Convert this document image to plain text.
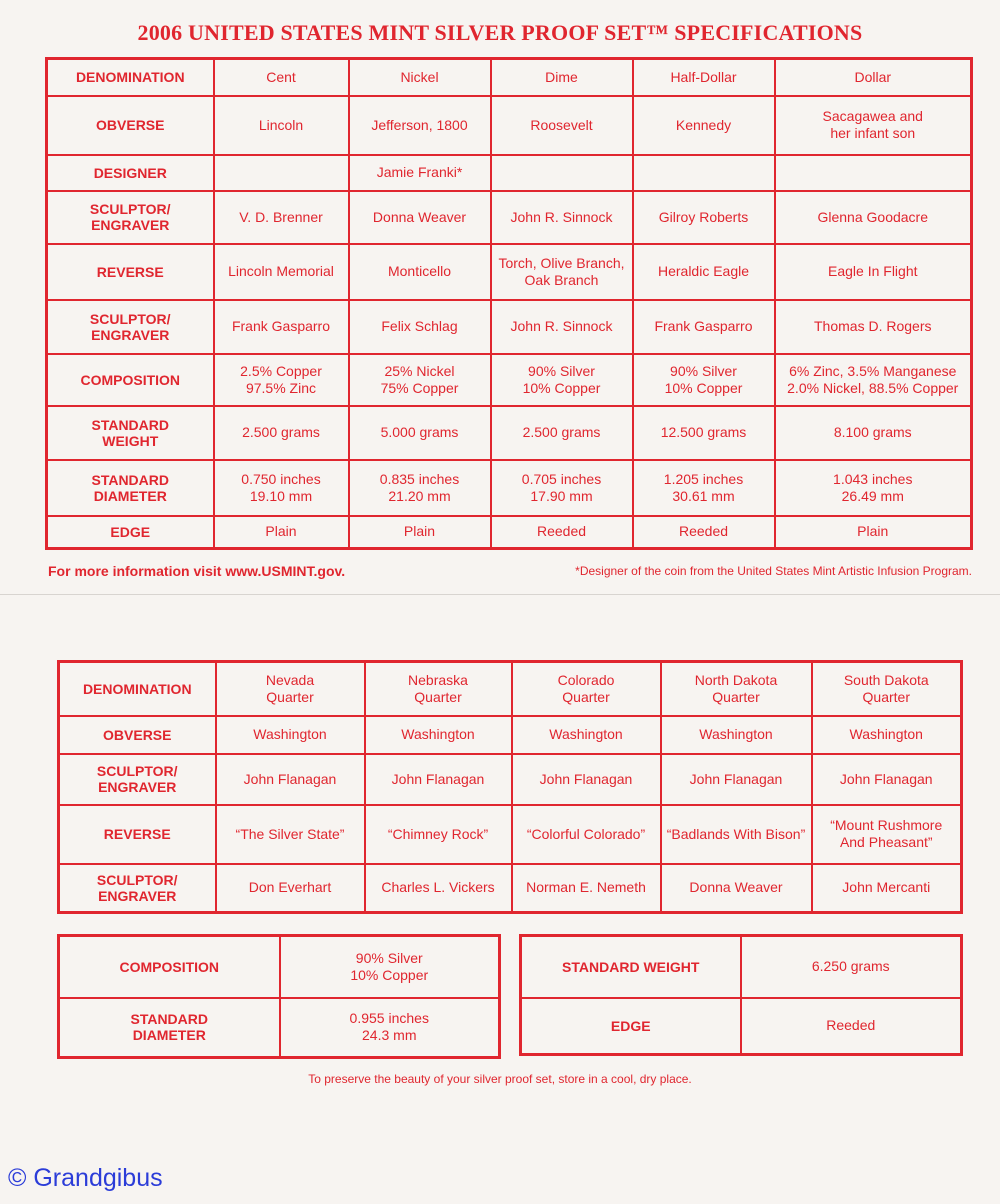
2006 UNITED STATES MINT SILVER PROOF SET™ SPECIFICATIONS
DENOMINATION	Cent	Nickel	Dime	Half-Dollar	Dollar
OBVERSE	Lincoln	Jefferson, 1800	Roosevelt	Kennedy	Sacagawea and
her infant son
DESIGNER		Jamie Franki*			
SCULPTOR/
ENGRAVER	V. D. Brenner	Donna Weaver	John R. Sinnock	Gilroy Roberts	Glenna Goodacre
REVERSE	Lincoln Memorial	Monticello	Torch, Olive Branch,
Oak Branch	Heraldic Eagle	Eagle In Flight
SCULPTOR/
ENGRAVER	Frank Gasparro	Felix Schlag	John R. Sinnock	Frank Gasparro	Thomas D. Rogers
COMPOSITION	2.5% Copper
97.5% Zinc	25% Nickel
75% Copper	90% Silver
10% Copper	90% Silver
10% Copper	6% Zinc, 3.5% Manganese
2.0% Nickel, 88.5% Copper
STANDARD
WEIGHT	2.500 grams	5.000 grams	2.500 grams	12.500 grams	8.100 grams
STANDARD
DIAMETER	0.750 inches
19.10 mm	0.835 inches
21.20 mm	0.705 inches
17.90 mm	1.205 inches
30.61 mm	1.043 inches
26.49 mm
EDGE	Plain	Plain	Reeded	Reeded	Plain
For more information visit www.USMINT.gov.	*Designer of the coin from the United States Mint Artistic Infusion Program.
DENOMINATION	Nevada
Quarter	Nebraska
Quarter	Colorado
Quarter	North Dakota
Quarter	South Dakota
Quarter
OBVERSE	Washington	Washington	Washington	Washington	Washington
SCULPTOR/
ENGRAVER	John Flanagan	John Flanagan	John Flanagan	John Flanagan	John Flanagan
REVERSE	“The Silver State”	“Chimney Rock”	“Colorful Colorado”	“Badlands With Bison”	“Mount Rushmore
And Pheasant”
SCULPTOR/
ENGRAVER	Don Everhart	Charles L. Vickers	Norman E. Nemeth	Donna Weaver	John Mercanti
COMPOSITION	90% Silver
10% Copper
STANDARD
DIAMETER	0.955 inches
24.3 mm
STANDARD WEIGHT	6.250 grams
EDGE	Reeded
To preserve the beauty of your silver proof set, store in a cool, dry place.
© Grandgibus
